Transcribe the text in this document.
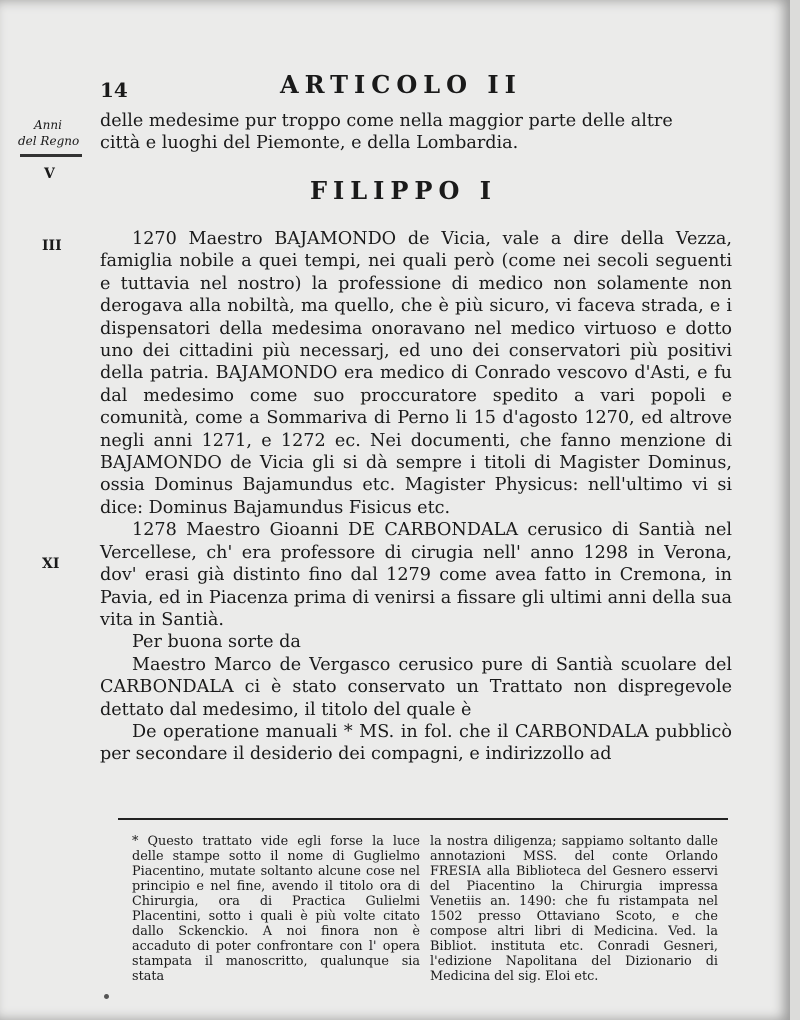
Anni
del Regno
V
III
XI
14	ARTICOLO II

delle medesime pur troppo come nella maggior parte delle altre

città e luoghi del Piemonte, e della Lombardia.

FILIPPO I

1270 Maestro BAJAMONDO de Vicia, vale a dire della Vezza, famiglia nobile a quei tempi, nei quali però (come nei secoli seguenti e tuttavia nel nostro) la professione di medico non solamente non derogava alla nobiltà, ma quello, che è più sicuro, vi faceva strada, e i dispensatori della medesima onoravano nel medico virtuoso e dotto uno dei cittadini più necessarj, ed uno dei conservatori più positivi della patria. BAJAMONDO era medico di Conrado vescovo d'Asti, e fu dal medesimo come suo proccuratore spedito a vari popoli e comunità, come a Sommariva di Perno li 15 d'agosto 1270, ed altrove negli anni 1271, e 1272 ec. Nei documenti, che fanno menzione di BAJAMONDO de Vicia gli si dà sempre i titoli di Magister Dominus, ossia Dominus Bajamundus etc. Magister Physicus: nell'ultimo vi si dice: Dominus Bajamundus Fisicus etc.

1278 Maestro Gioanni DE CARBONDALA cerusico di Santià nel Vercellese, ch' era professore di cirugia nell' anno 1298 in Verona, dov' erasi già distinto fino dal 1279 come avea fatto in Cremona, in Pavia, ed in Piacenza prima di venirsi a fissare gli ultimi anni della sua vita in Santià.

Per buona sorte da

Maestro Marco de Vergasco cerusico pure di Santià scuolare del CARBONDALA ci è stato conservato un Trattato non dispregevole dettato dal medesimo, il titolo del quale è

De operatione manuali * MS. in fol. che il CARBONDALA pubblicò per secondare il desiderio dei compagni, e indirizzollo ad

* Questo trattato vide egli forse la luce delle stampe sotto il nome di Guglielmo Piacentino, mutate soltanto alcune cose nel principio e nel fine, avendo il titolo ora di Chirurgia, ora di Practica Gulielmi Placentini, sotto i quali è più volte citato dallo Sckenckio. A noi finora non è accaduto di poter confrontare con l' opera stampata il manoscritto, qualunque sia stata
la nostra diligenza; sappiamo soltanto dalle annotazioni MSS. del conte Orlando FRESIA alla Biblioteca del Gesnero esservi del Piacentino la Chirurgia impressa Venetiis an. 1490: che fu ristampata nel 1502 presso Ottaviano Scoto, e che compose altri libri di Medicina. Ved. la Bibliot. instituta etc. Conradi Gesneri, l'edizione Napolitana del Dizionario di Medicina del sig. Eloi etc.
